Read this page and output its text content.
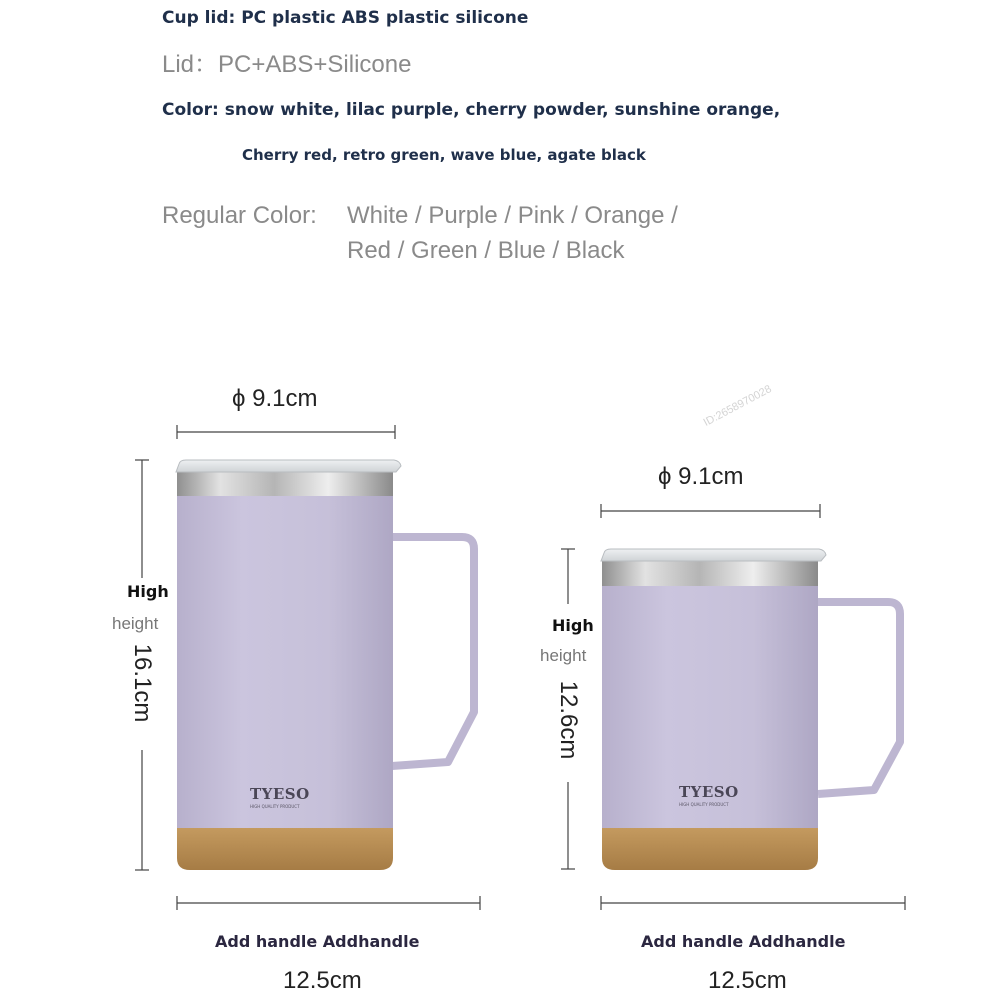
Cup lid: PC plastic ABS plastic silicone
Lid：PC+ABS+Silicone
Color: snow white, lilac purple, cherry powder, sunshine orange,
Cherry red, retro green, wave blue, agate black
Regular Color: White / Purple / Pink / Orange /
Red / Green / Blue / Black
ID:2658970028
ϕ 9.1cm
High
height
16.1cm
TYESO
HIGH QUALITY PRODUCT
Add handle Addhandle
12.5cm
ϕ 9.1cm
High
height
12.6cm
TYESO
HIGH QUALITY PRODUCT
Add handle Addhandle
12.5cm
